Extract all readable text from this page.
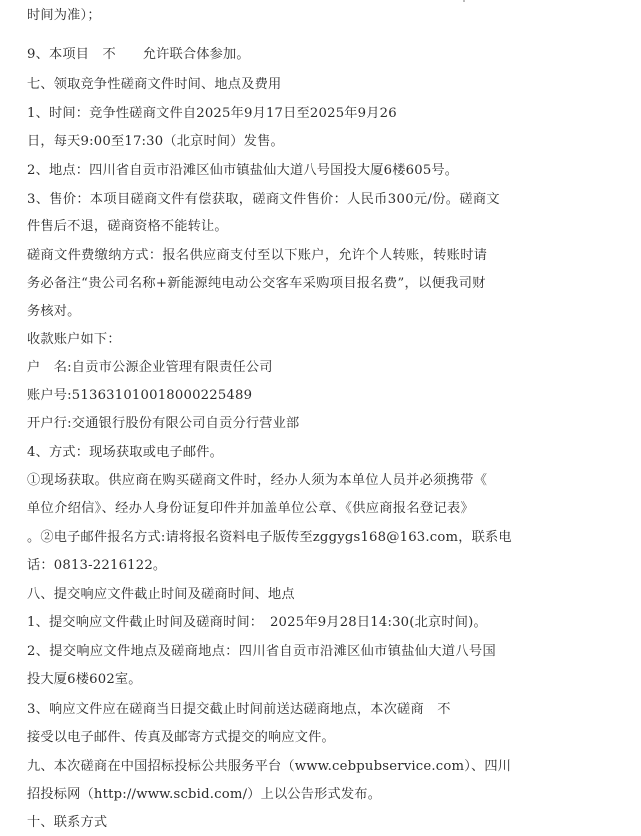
时间为准）；
9、本项目　不　　允许联合体参加。
七、领取竞争性磋商文件时间、地点及费用
1、时间：竞争性磋商文件自2025年9月17日至2025年9月26
日，每天9:00至17:30（北京时间）发售。
2、地点：四川省自贡市沿滩区仙市镇盐仙大道八号国投大厦6楼605号。
3、售价：本项目磋商文件有偿获取，磋商文件售价：人民币300元/份。磋商文
件售后不退，磋商资格不能转让。
磋商文件费缴纳方式：报名供应商支付至以下账户，允许个人转账，转账时请
务必备注“贵公司名称+新能源纯电动公交客车采购项目报名费”，以便我司财
务核对。
收款账户如下：
户　名:自贡市公源企业管理有限责任公司
账户号:513631010018000225489
开户行:交通银行股份有限公司自贡分行营业部
4、方式：现场获取或电子邮件。
①现场获取。供应商在购买磋商文件时，经办人须为本单位人员并必须携带《
单位介绍信》、经办人身份证复印件并加盖单位公章、《供应商报名登记表》
。②电子邮件报名方式:请将报名资料电子版传至zggygs168@163.com，联系电
话：0813-2216122。
八、提交响应文件截止时间及磋商时间、地点
1、提交响应文件截止时间及磋商时间：　2025年9月28日14:30(北京时间)。
2、提交响应文件地点及磋商地点：四川省自贡市沿滩区仙市镇盐仙大道八号国
投大厦6楼602室。
3、响应文件应在磋商当日提交截止时间前送达磋商地点，本次磋商　不
接受以电子邮件、传真及邮寄方式提交的响应文件。
九、本次磋商在中国招标投标公共服务平台（www.cebpubservice.com）、四川
招投标网（http://www.scbid.com/）上以公告形式发布。
十、联系方式
